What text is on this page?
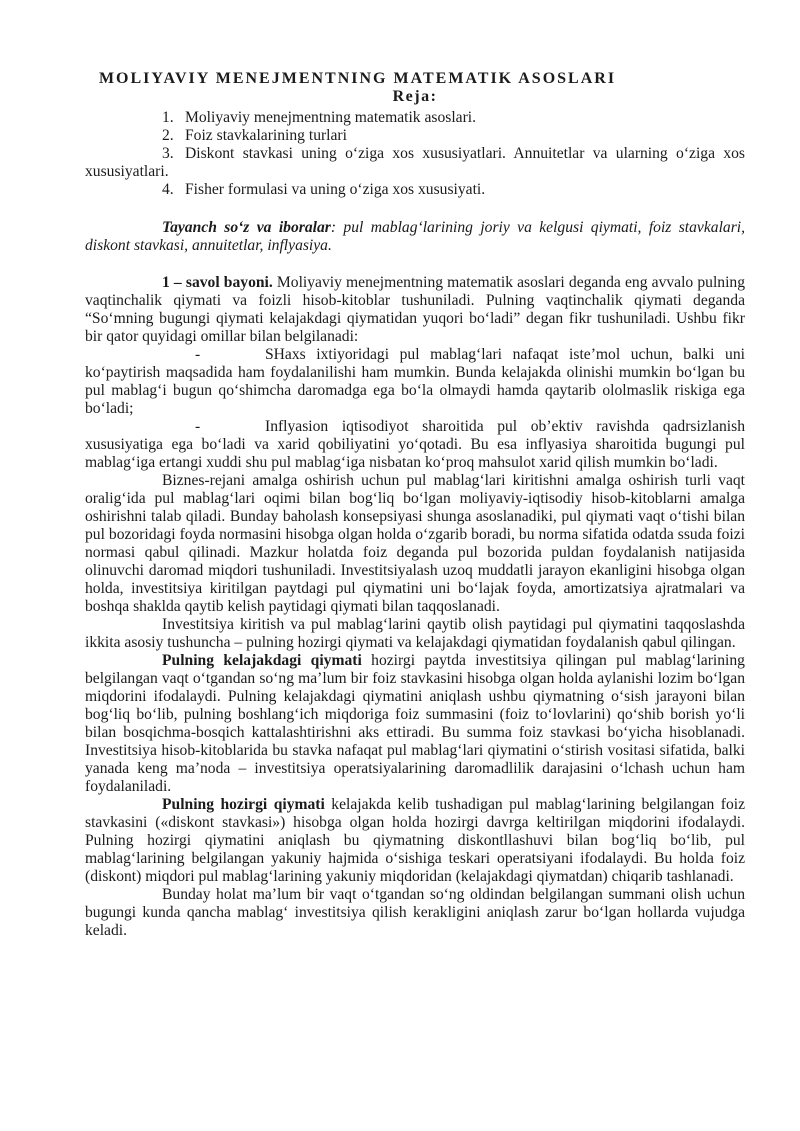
MOLIYAVIY MENEJMENTNING MATEMATIK ASOSLARI
Reja:

1. Moliyaviy menejmentning matematik asoslari.

2. Foiz stavkalarining turlari

3. Diskont stavkasi uning o‘ziga xos xususiyatlari. Annuitetlar va ularning o‘ziga xos xususiyatlari.

4. Fisher formulasi va uning o‘ziga xos xususiyati.

Tayanch so‘z va iboralar: pul mablag‘larining joriy va kelgusi qiymati, foiz stavkalari, diskont stavkasi, annuitetlar, inflyasiya.

1 – savol bayoni. Moliyaviy menejmentning matematik asoslari deganda eng avvalo pulning vaqtinchalik qiymati va foizli hisob-kitoblar tushuniladi. Pulning vaqtinchalik qiymati deganda “So‘mning bugungi qiymati kelajakdagi qiymatidan yuqori bo‘ladi” degan fikr tushuniladi. Ushbu fikr bir qator quyidagi omillar bilan belgilanadi:

-	SHaxs ixtiyoridagi pul mablag‘lari nafaqat iste’mol uchun, balki uni ko‘paytirish maqsadida ham foydalanilishi ham mumkin. Bunda kelajakda olinishi mumkin bo‘lgan bu pul mablag‘i bugun qo‘shimcha daromadga ega bo‘la olmaydi hamda qaytarib ololmaslik riskiga ega bo‘ladi;

-	Inflyasion iqtisodiyot sharoitida pul ob’ektiv ravishda qadrsizlanish xususiyatiga ega bo‘ladi va xarid qobiliyatini yo‘qotadi. Bu esa inflyasiya sharoitida bugungi pul mablag‘iga ertangi xuddi shu pul mablag‘iga nisbatan ko‘proq mahsulot xarid qilish mumkin bo‘ladi.

Biznes-rejani amalga oshirish uchun pul mablag‘lari kiritishni amalga oshirish turli vaqt oralig‘ida pul mablag‘lari oqimi bilan bog‘liq bo‘lgan moliyaviy-iqtisodiy hisob-kitoblarni amalga oshirishni talab qiladi. Bunday baholash konsepsiyasi shunga asoslanadiki, pul qiymati vaqt o‘tishi bilan pul bozoridagi foyda normasini hisobga olgan holda o‘zgarib boradi, bu norma sifatida odatda ssuda foizi normasi qabul qilinadi. Mazkur holatda foiz deganda pul bozorida puldan foydalanish natijasida olinuvchi daromad miqdori tushuniladi. Investitsiyalash uzoq muddatli jarayon ekanligini hisobga olgan holda, investitsiya kiritilgan paytdagi pul qiymatini uni bo‘lajak foyda, amortizatsiya ajratmalari va boshqa shaklda qaytib kelish paytidagi qiymati bilan taqqoslanadi.

Investitsiya kiritish va pul mablag‘larini qaytib olish paytidagi pul qiymatini taqqoslashda ikkita asosiy tushuncha – pulning hozirgi qiymati va kelajakdagi qiymatidan foydalanish qabul qilingan.

Pulning kelajakdagi qiymati hozirgi paytda investitsiya qilingan pul mablag‘larining belgilangan vaqt o‘tgandan so‘ng ma’lum bir foiz stavkasini hisobga olgan holda aylanishi lozim bo‘lgan miqdorini ifodalaydi. Pulning kelajakdagi qiymatini aniqlash ushbu qiymatning o‘sish jarayoni bilan bog‘liq bo‘lib, pulning boshlang‘ich miqdoriga foiz summasini (foiz to‘lovlarini) qo‘shib borish yo‘li bilan bosqichma-bosqich kattalashtirishni aks ettiradi. Bu summa foiz stavkasi bo‘yicha hisoblanadi. Investitsiya hisob-kitoblarida bu stavka nafaqat pul mablag‘lari qiymatini o‘stirish vositasi sifatida, balki yanada keng ma’noda – investitsiya operatsiyalarining daromadlilik darajasini o‘lchash uchun ham foydalaniladi.

Pulning hozirgi qiymati kelajakda kelib tushadigan pul mablag‘larining belgilangan foiz stavkasini («diskont stavkasi») hisobga olgan holda hozirgi davrga keltirilgan miqdorini ifodalaydi. Pulning hozirgi qiymatini aniqlash bu qiymatning diskontllashuvi bilan bog‘liq bo‘lib, pul mablag‘larining belgilangan yakuniy hajmida o‘sishiga teskari operatsiyani ifodalaydi. Bu holda foiz (diskont) miqdori pul mablag‘larining yakuniy miqdoridan (kelajakdagi qiymatdan) chiqarib tashlanadi.

Bunday holat ma’lum bir vaqt o‘tgandan so‘ng oldindan belgilangan summani olish uchun bugungi kunda qancha mablag‘ investitsiya qilish kerakligini aniqlash zarur bo‘lgan hollarda vujudga keladi.
